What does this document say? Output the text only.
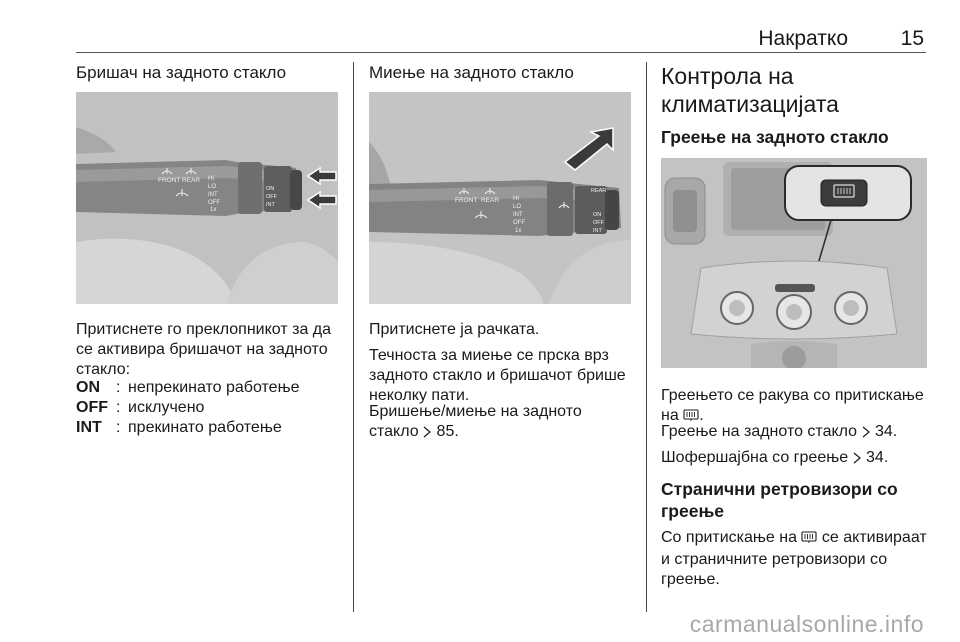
Накратко	15
Бришач на задното стакло
FRONT REAR HI
LO
INT
OFF
1x
ON
OFF
INT

Притиснете го преклопникот за да се активира бришачот на задното стакло:

ON	: непрекинато работење
OFF : исклучено
INT : прекинато работење
Миење на задното стакло
FRONT REAR HI
LO
INT
OFF
1x
REAR
ON
OFF
INT

Притиснете ја рачката.

Течноста за миење се прска врз задното стакло и бришачот брише неколку пати.

Бришење/миење на задното
стакло 85.

Контрола на
климатизацијата
Греење на задното стакло

Греењето се ракува со притискање
на .

Греење на задното стакло 34.

Шофершајбна со греење 34.

Странични ретровизори со
греење

Со притискање на се активираат
и страничните ретровизори со
греење.

carmanualsonline.info
